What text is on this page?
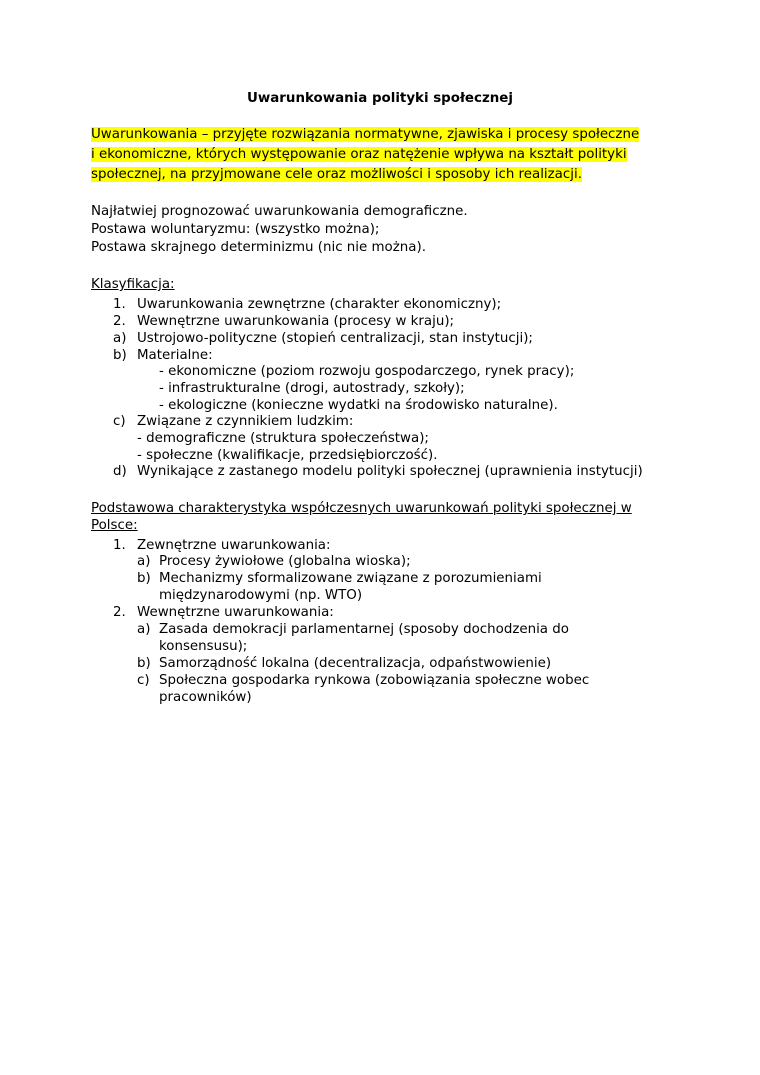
Uwarunkowania polityki społecznej
Uwarunkowania – przyjęte rozwiązania normatywne, zjawiska i procesy społeczne
i ekonomiczne, których występowanie oraz natężenie wpływa na kształt polityki
społecznej, na przyjmowane cele oraz możliwości i sposoby ich realizacji.
Najłatwiej prognozować uwarunkowania demograficzne.
Postawa woluntaryzmu: (wszystko można);
Postawa skrajnego determinizmu (nic nie można).
Klasyfikacja:
1. Uwarunkowania zewnętrzne (charakter ekonomiczny);
2. Wewnętrzne uwarunkowania (procesy w kraju);
a) Ustrojowo-polityczne (stopień centralizacji, stan instytucji);
b) Materialne:
- ekonomiczne (poziom rozwoju gospodarczego, rynek pracy);
- infrastrukturalne (drogi, autostrady, szkoły);
- ekologiczne (konieczne wydatki na środowisko naturalne).
c) Związane z czynnikiem ludzkim:
- demograficzne (struktura społeczeństwa);
- społeczne (kwalifikacje, przedsiębiorczość).
d) Wynikające z zastanego modelu polityki społecznej (uprawnienia instytucji)
Podstawowa charakterystyka współczesnych uwarunkowań polityki społecznej w
Polsce:
1. Zewnętrzne uwarunkowania:
a) Procesy żywiołowe (globalna wioska);
b) Mechanizmy sformalizowane związane z porozumieniami
międzynarodowymi (np. WTO)
2. Wewnętrzne uwarunkowania:
a) Zasada demokracji parlamentarnej (sposoby dochodzenia do
konsensusu);
b) Samorządność lokalna (decentralizacja, odpaństwowienie)
c) Społeczna gospodarka rynkowa (zobowiązania społeczne wobec
pracowników)
